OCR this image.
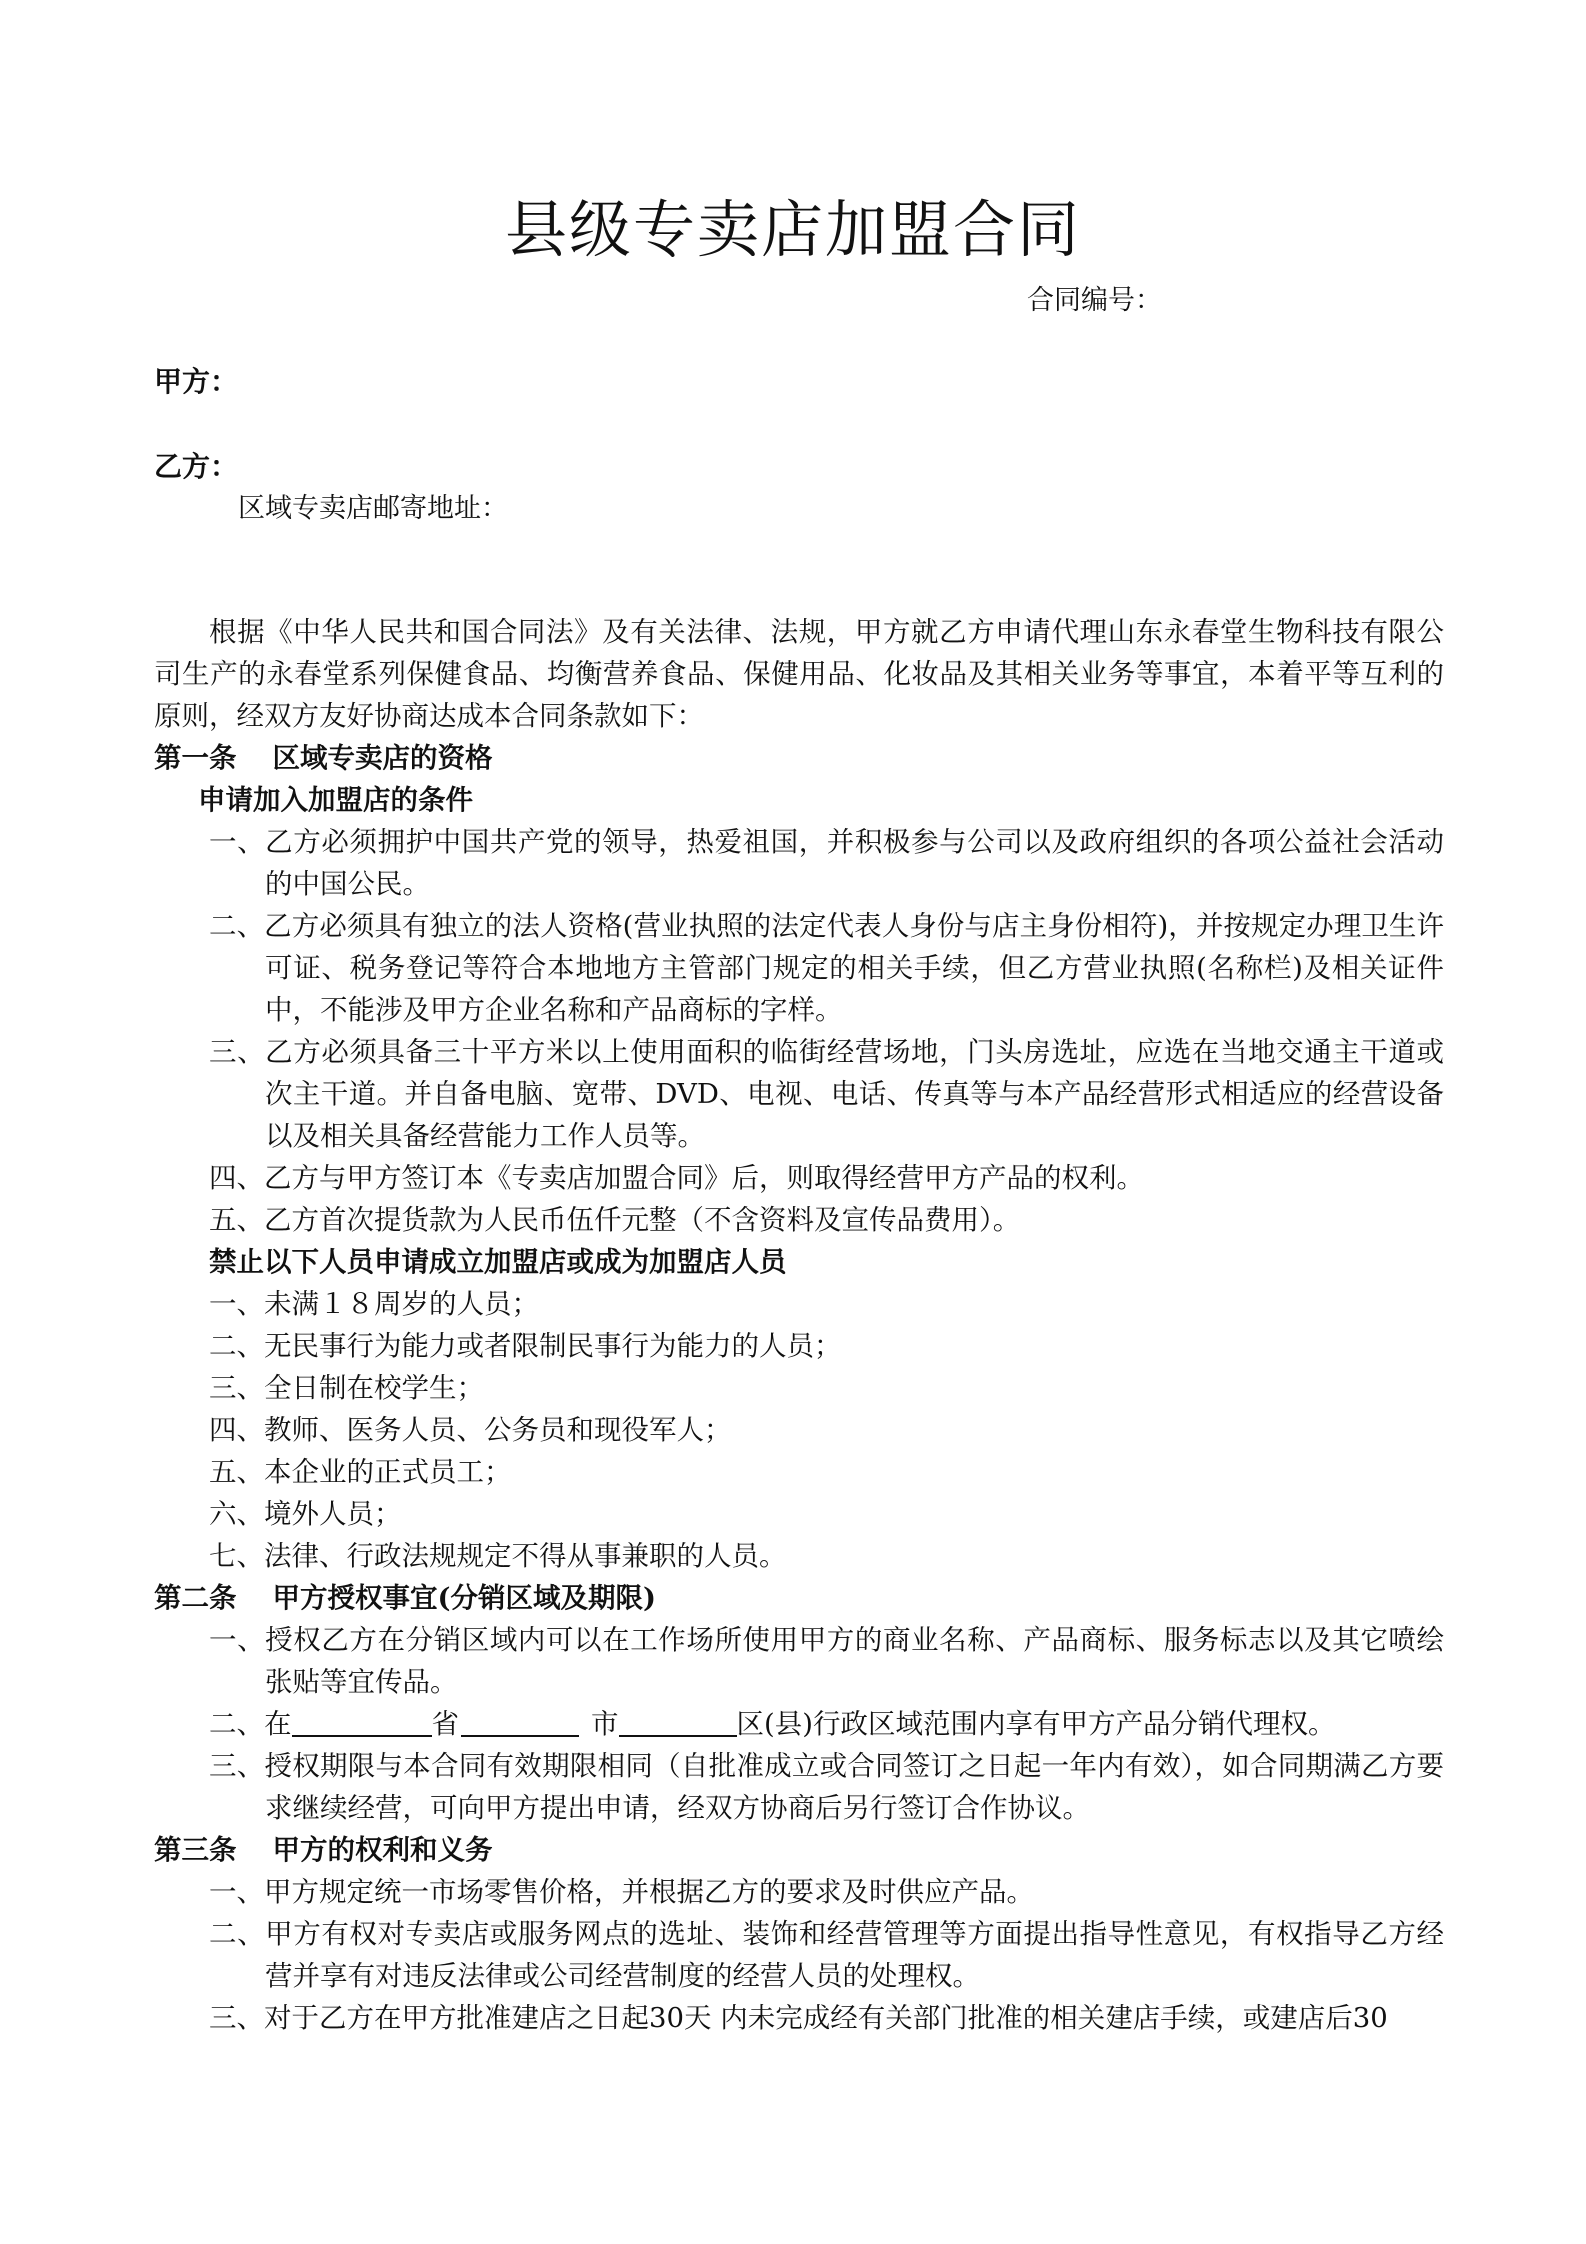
县级专卖店加盟合同
合同编号：
甲方：
乙方：
区域专卖店邮寄地址：
根据《中华人民共和国合同法》及有关法律、法规，甲方就乙方申请代理山东永春堂生物科技有限公司生产的永春堂系列保健食品、均衡营养食品、保健用品、化妆品及其相关业务等事宜，本着平等互利的原则，经双方友好协商达成本合同条款如下：
第一条 区域专卖店的资格
申请加入加盟店的条件
一、乙方必须拥护中国共产党的领导，热爱祖国，并积极参与公司以及政府组织的各项公益社会活动的中国公民。
二、乙方必须具有独立的法人资格(营业执照的法定代表人身份与店主身份相符)，并按规定办理卫生许可证、税务登记等符合本地地方主管部门规定的相关手续，但乙方营业执照(名称栏)及相关证件中，不能涉及甲方企业名称和产品商标的字样。
三、乙方必须具备三十平方米以上使用面积的临街经营场地，门头房选址，应选在当地交通主干道或次主干道。并自备电脑、宽带、DVD、电视、电话、传真等与本产品经营形式相适应的经营设备以及相关具备经营能力工作人员等。
四、乙方与甲方签订本《专卖店加盟合同》后，则取得经营甲方产品的权利。
五、乙方首次提货款为人民币伍仟元整（不含资料及宣传品费用）。
禁止以下人员申请成立加盟店或成为加盟店人员
一、未满１８周岁的人员；
二、无民事行为能力或者限制民事行为能力的人员；
三、全日制在校学生；
四、教师、医务人员、公务员和现役军人；
五、本企业的正式员工；
六、境外人员；
七、法律、行政法规规定不得从事兼职的人员。
第二条 甲方授权事宜(分销区域及期限)
一、授权乙方在分销区域内可以在工作场所使用甲方的商业名称、产品商标、服务标志以及其它喷绘张贴等宜传品。
二、在	省	市	区(县)行政区域范围内享有甲方产品分销代理权。
三、授权期限与本合同有效期限相同（自批准成立或合同签订之日起一年内有效），如合同期满乙方要求继续经营，可向甲方提出申请，经双方协商后另行签订合作协议。
第三条 甲方的权利和义务
一、甲方规定统一市场零售价格，并根据乙方的要求及时供应产品。
二、甲方有权对专卖店或服务网点的选址、装饰和经营管理等方面提出指导性意见，有权指导乙方经营并享有对违反法律或公司经营制度的经营人员的处理权。
三、对于乙方在甲方批准建店之日起30天 内未完成经有关部门批准的相关建店手续，或建店后30
